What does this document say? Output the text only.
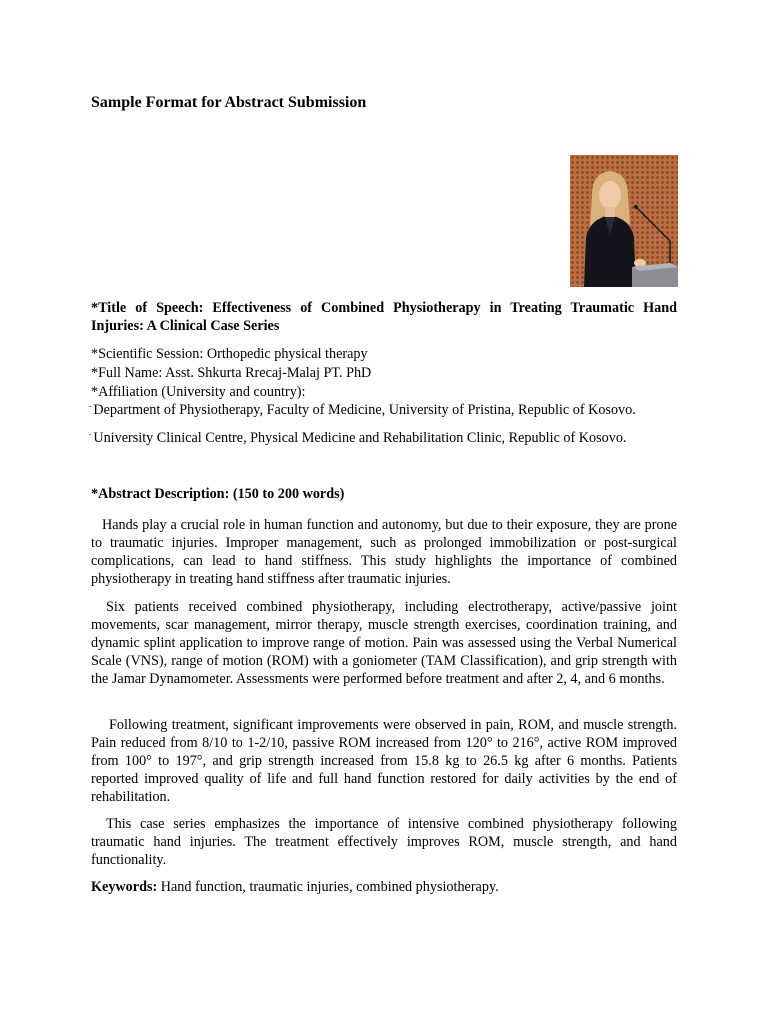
Sample Format for Abstract Submission
*Title of Speech: Effectiveness of Combined Physiotherapy in Treating Traumatic Hand Injuries: A Clinical Case Series
*Scientific Session: Orthopedic physical therapy
*Full Name: Asst. Shkurta Rrecaj-Malaj PT. PhD
*Affiliation (University and country):
- Department of Physiotherapy, Faculty of Medicine, University of Pristina, Republic of Kosovo.
- University Clinical Centre, Physical Medicine and Rehabilitation Clinic, Republic of Kosovo.
*Abstract Description: (150 to 200 words)
Hands play a crucial role in human function and autonomy, but due to their exposure, they are prone to traumatic injuries. Improper management, such as prolonged immobilization or post-surgical complications, can lead to hand stiffness. This study highlights the importance of combined physiotherapy in treating hand stiffness after traumatic injuries.
Six patients received combined physiotherapy, including electrotherapy, active/passive joint movements, scar management, mirror therapy, muscle strength exercises, coordination training, and dynamic splint application to improve range of motion. Pain was assessed using the Verbal Numerical Scale (VNS), range of motion (ROM) with a goniometer (TAM Classification), and grip strength with the Jamar Dynamometer. Assessments were performed before treatment and after 2, 4, and 6 months.
Following treatment, significant improvements were observed in pain, ROM, and muscle strength. Pain reduced from 8/10 to 1-2/10, passive ROM increased from 120° to 216°, active ROM improved from 100° to 197°, and grip strength increased from 15.8 kg to 26.5 kg after 6 months. Patients reported improved quality of life and full hand function restored for daily activities by the end of rehabilitation.
This case series emphasizes the importance of intensive combined physiotherapy following traumatic hand injuries. The treatment effectively improves ROM, muscle strength, and hand functionality.
Keywords: Hand function, traumatic injuries, combined physiotherapy.
